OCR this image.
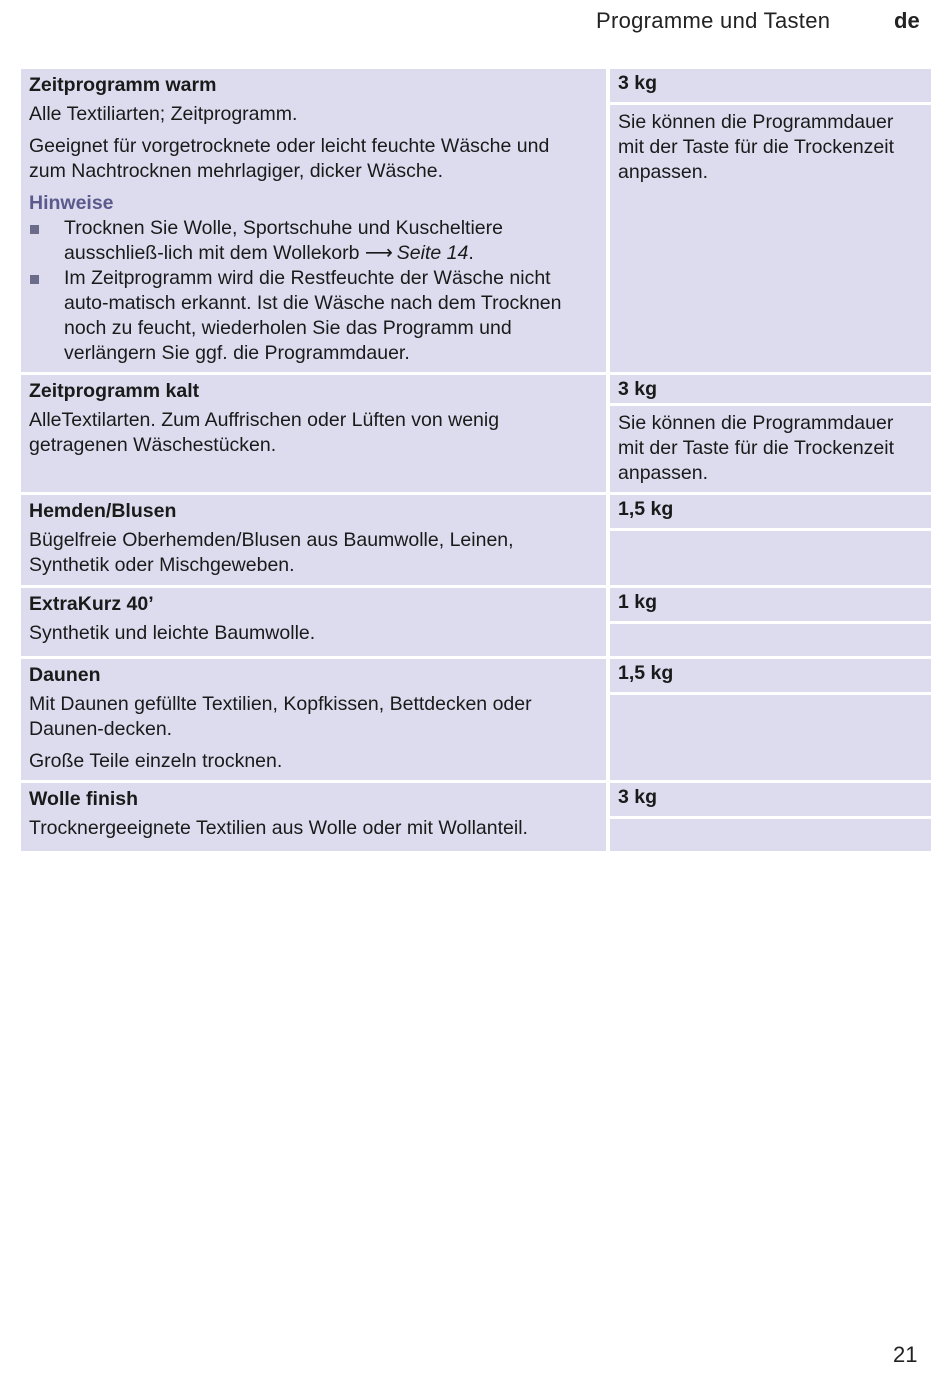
Programme und Tasten	de
Zeitprogramm warm
Alle Textiliarten; Zeitprogramm.
Geeignet für vorgetrocknete oder leicht feuchte Wäsche und zum Nachtrocknen mehrlagiger, dicker Wäsche.
Hinweise
Trocknen Sie Wolle, Sportschuhe und Kuscheltiere ausschließ-lich mit dem Wollekorb ⟶  Seite 14.
Im Zeitprogramm wird die Restfeuchte der Wäsche nicht auto-matisch erkannt. Ist die Wäsche nach dem Trocknen noch zu feucht, wiederholen Sie das Programm und verlängern Sie ggf. die Programmdauer.
3 kg
Sie können die Programmdauer mit der Taste für die Trockenzeit anpassen.
Zeitprogramm kalt
AlleTextilarten. Zum Auffrischen oder Lüften von wenig getragenen Wäschestücken.
3 kg
Sie können die Programmdauer mit der Taste für die Trockenzeit anpassen.
Hemden/Blusen
Bügelfreie Oberhemden/Blusen aus Baumwolle, Leinen, Synthetik oder Mischgeweben.
1,5 kg
ExtraKurz 40’
Synthetik und leichte Baumwolle.
1 kg
Daunen
Mit Daunen gefüllte Textilien, Kopfkissen, Bettdecken oder Daunen-decken.
Große Teile einzeln trocknen.
1,5 kg
Wolle finish
Trocknergeeignete Textilien aus Wolle oder mit Wollanteil.
3 kg
21
